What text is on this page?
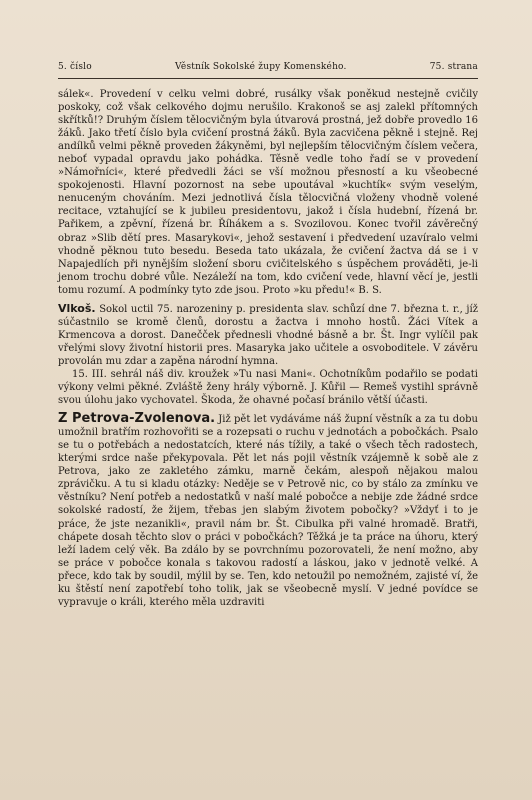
5. číslo	Věstník Sokolské župy Komenského.	75. strana

sálek«. Provedení v celku velmi dobré, rusálky však poněkud nestejně cvičily poskoky, což však celkového dojmu nerušilo. Krakonoš se asj zalekl přítomných skřítků!? Druhým číslem tělocvičným byla útvarová prostná, jež dobře provedlo 16 žáků. Jako třetí číslo byla cvičení prostná žáků. Byla zacvičena pěkně i stejně. Rej andílků velmi pěkně proveden žákyněmi, byl nejlepším tělocvičným číslem večera, neboť vypadal opravdu jako pohádka. Těsně vedle toho řadí se v provedení »Námořníci«, které předvedli žáci se vší možnou přesností a ku všeobecné spokojenosti. Hlavní pozornost na sebe upoutával »kuchtík« svým veselým, nenuceným chováním. Mezi jednotlivá čísla tělocvičná vloženy vhodně volené recitace, vztahující se k jubileu presidentovu, jakož i čísla hudební, řízená br. Pařikem, a zpěvní, řízená br. Říhákem a s. Svozilovou. Konec tvořil závěrečný obraz »Slib dětí pres. Masarykovi«, jehož sestavení i předvedení uzavíralo velmi vhodně pěknou tuto besedu. Beseda tato ukázala, že cvičení žactva dá se i v Napajedlích při nynějším složení sboru cvičitelského s úspěchem prováděti, je-li jenom trochu dobré vůle. Nezáleží na tom, kdo cvičení vede, hlavní věcí je, jestli tomu rozumí. A podmínky tyto zde jsou. Proto »ku předu!« B. S.

Vlkoš. Sokol uctil 75. narozeniny p. presidenta slav. schůzí dne 7. března t. r., jíž súčastnilo se kromě členů, dorostu a žactva i mnoho hostů. Žáci Vítek a Krmencova a dorost. Danečček přednesli vhodné básně a br. Št. Ingr vylíčil pak vřelými slovy životní historii pres. Masaryka jako učitele a osvoboditele. V závěru provolán mu zdar a zapěna národní hymna.

15. III. sehrál náš div. kroužek »Tu nasi Mani«. Ochotníkům podařilo se podati výkony velmi pěkné. Zvláště ženy hrály výborně. J. Kůřil — Remeš vystihl správně svou úlohu jako vychovatel. Škoda, že ohavné počasí bránilo větší účasti.

Z Petrova-Zvolenova. Již pět let vydáváme náš župní věstník a za tu dobu umožnil bratřím rozhovořiti se a rozepsati o ruchu v jednotách a pobočkách. Psalo se tu o potřebách a nedostatcích, které nás tížily, a také o všech těch radostech, kterými srdce naše překypovala. Pět let nás pojil věstník vzájemně k sobě ale z Petrova, jako ze zakletého zámku, marně čekám, alespoň nějakou malou zprávičku. A tu si kladu otázky: Neděje se v Petrově nic, co by stálo za zmínku ve věstníku? Není potřeb a nedostatků v naší malé pobočce a nebije zde žádné srdce sokolské radostí, že žijem, třebas jen slabým životem pobočky? »Vždyť i to je práce, že jste nezanikli«, pravil nám br. Št. Cibulka při valné hromadě. Bratři, chápete dosah těchto slov o práci v pobočkách? Těžká je ta práce na úhoru, který leží ladem celý věk. Ba zdálo by se povrchnímu pozorovateli, že není možno, aby se práce v pobočce konala s takovou radostí a láskou, jako v jednotě velké. A přece, kdo tak by soudil, mýlil by se. Ten, kdo netoužil po nemožném, zajisté ví, že ku štěstí není zapotřebí toho tolik, jak se všeobecně myslí. V jedné povídce se vypravuje o králi, kterého měla uzdraviti
